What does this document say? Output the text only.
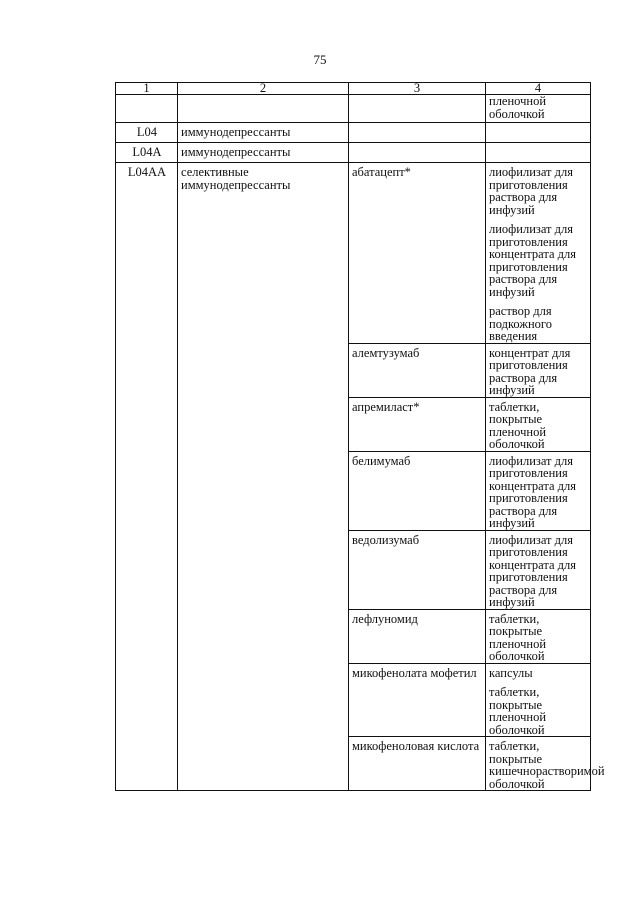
75
1	2	3	4
			пленочной оболочкой
L04	иммунодепрессанты		
L04A	иммунодепрессанты		
L04AA	селективные иммунодепрессанты	абатацепт*	лиофилизат для приготовления раствора для инфузий
лиофилизат для приготовления концентрата для приготовления раствора для инфузий
раствор для подкожного введения

		алемтузумаб	концентрат для приготовления раствора для инфузий

		апремиласт*	таблетки, покрытые пленочной оболочкой

		белимумаб	лиофилизат для приготовления концентрата для приготовления раствора для инфузий

		ведолизумаб	лиофилизат для приготовления концентрата для приготовления раствора для инфузий

		лефлуномид	таблетки, покрытые пленочной оболочкой

		микофенолата мофетил	капсулы
таблетки, покрытые пленочной оболочкой

		микофеноловая кислота	таблетки, покрытые кишечнорастворимой оболочкой
